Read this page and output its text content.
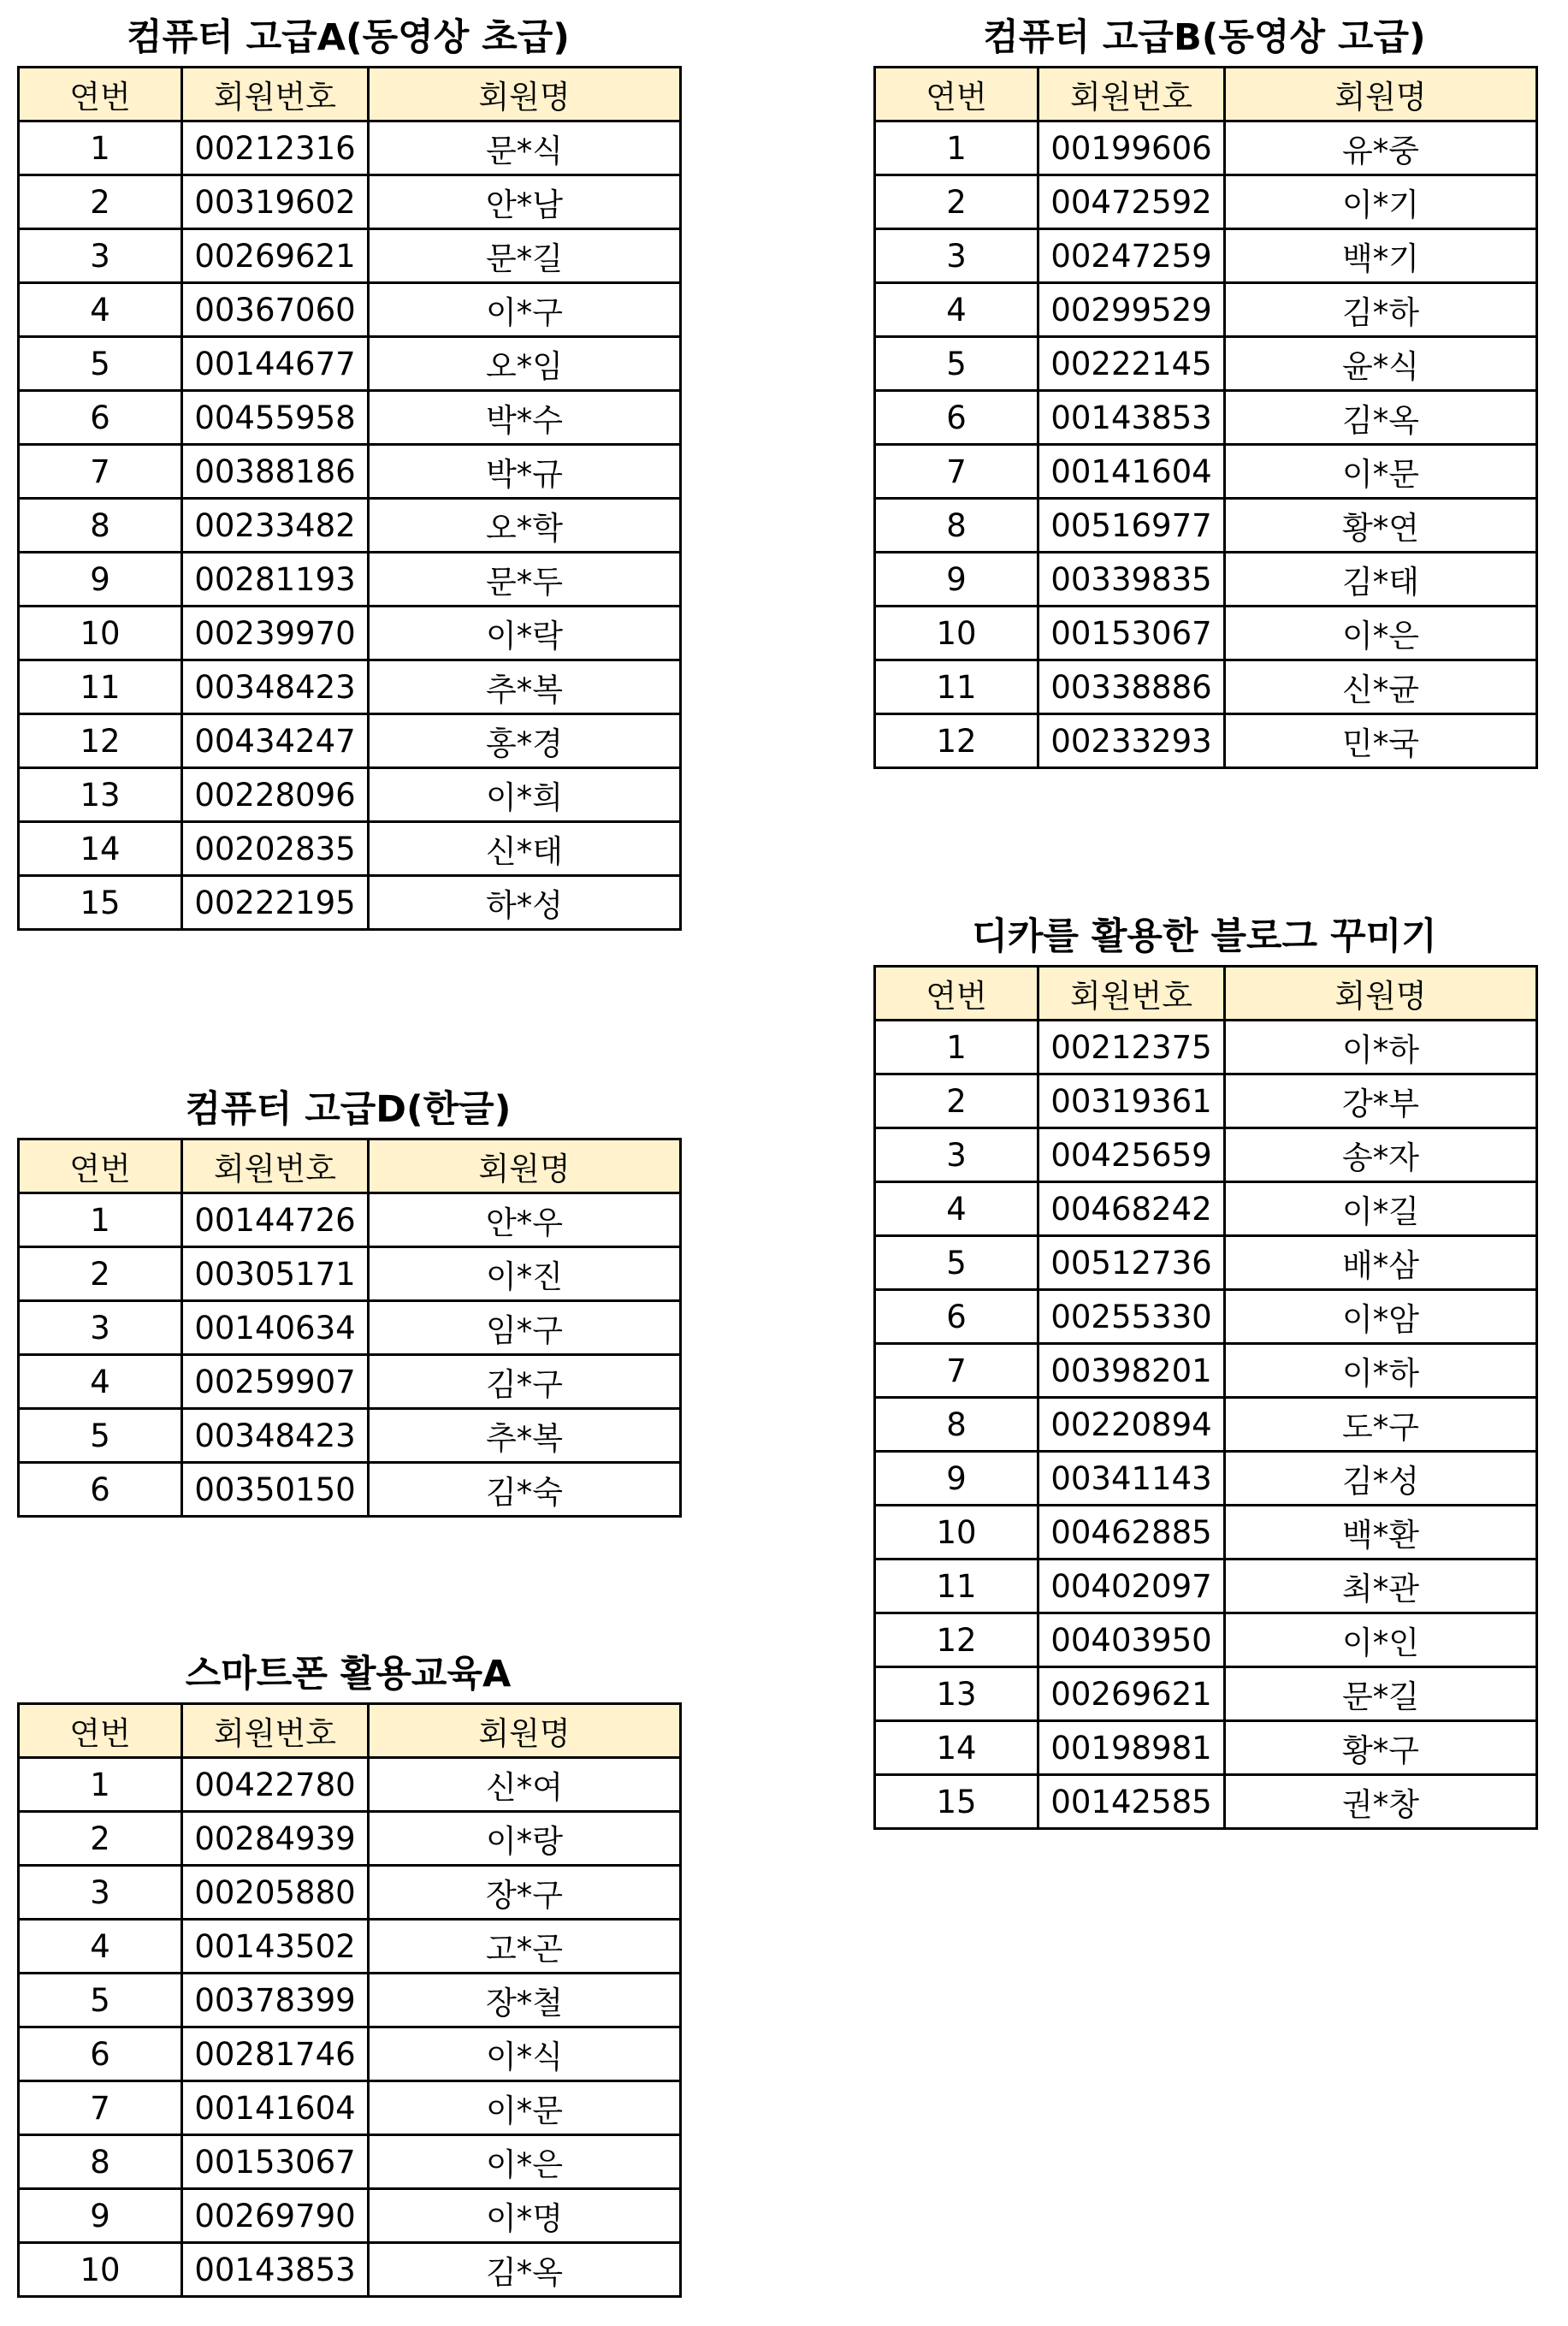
컴퓨터 고급A(동영상 초급)
연번	회원번호	회원명
1	00212316	문*식
2	00319602	안*남
3	00269621	문*길
4	00367060	이*구
5	00144677	오*임
6	00455958	박*수
7	00388186	박*규
8	00233482	오*학
9	00281193	문*두
10	00239970	이*락
11	00348423	추*복
12	00434247	홍*경
13	00228096	이*희
14	00202835	신*태
15	00222195	하*성
컴퓨터 고급D(한글)
연번	회원번호	회원명
1	00144726	안*우
2	00305171	이*진
3	00140634	임*구
4	00259907	김*구
5	00348423	추*복
6	00350150	김*숙
스마트폰 활용교육A
연번	회원번호	회원명
1	00422780	신*여
2	00284939	이*랑
3	00205880	장*구
4	00143502	고*곤
5	00378399	장*철
6	00281746	이*식
7	00141604	이*문
8	00153067	이*은
9	00269790	이*명
10	00143853	김*옥
컴퓨터 고급B(동영상 고급)
연번	회원번호	회원명
1	00199606	유*중
2	00472592	이*기
3	00247259	백*기
4	00299529	김*하
5	00222145	윤*식
6	00143853	김*옥
7	00141604	이*문
8	00516977	황*연
9	00339835	김*태
10	00153067	이*은
11	00338886	신*균
12	00233293	민*국
디카를 활용한 블로그 꾸미기
연번	회원번호	회원명
1	00212375	이*하
2	00319361	강*부
3	00425659	송*자
4	00468242	이*길
5	00512736	배*삼
6	00255330	이*암
7	00398201	이*하
8	00220894	도*구
9	00341143	김*성
10	00462885	백*환
11	00402097	최*관
12	00403950	이*인
13	00269621	문*길
14	00198981	황*구
15	00142585	권*창
